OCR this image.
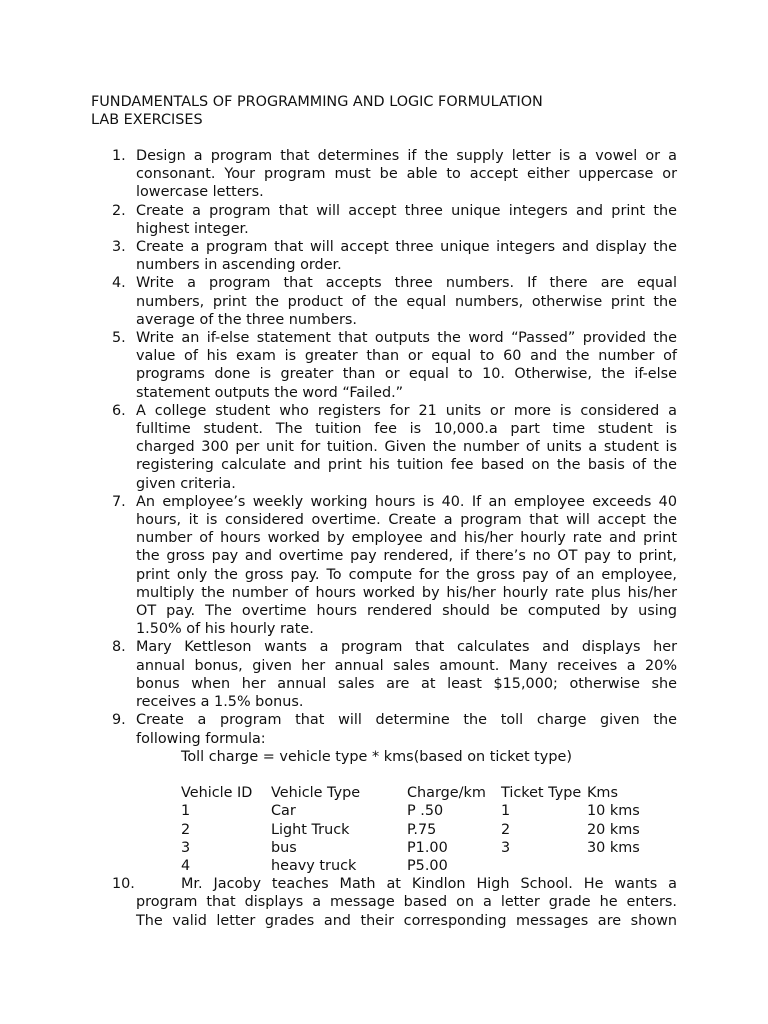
FUNDAMENTALS OF PROGRAMMING AND LOGIC FORMULATION
LAB EXERCISES
1. Design a program that determines if the supply letter is a vowel or a
consonant. Your program must be able to accept either uppercase or
lowercase letters.
2. Create a program that will accept three unique integers and print the
highest integer.
3. Create a program that will accept three unique integers and display the
numbers in ascending order.
4. Write a program that accepts three numbers. If there are equal
numbers, print the product of the equal numbers, otherwise print the
average of the three numbers.
5. Write an if-else statement that outputs the word “Passed” provided the
value of his exam is greater than or equal to 60 and the number of
programs done is greater than or equal to 10. Otherwise, the if-else
statement outputs the word “Failed.”
6. A college student who registers for 21 units or more is considered a
fulltime student. The tuition fee is 10,000.a part time student is
charged 300 per unit for tuition. Given the number of units a student is
registering calculate and print his tuition fee based on the basis of the
given criteria.
7. An employee’s weekly working hours is 40. If an employee exceeds 40
hours, it is considered overtime. Create a program that will accept the
number of hours worked by employee and his/her hourly rate and print
the gross pay and overtime pay rendered, if there’s no OT pay to print,
print only the gross pay. To compute for the gross pay of an employee,
multiply the number of hours worked by his/her hourly rate plus his/her
OT pay. The overtime hours rendered should be computed by using
1.50% of his hourly rate.
8. Mary Kettleson wants a program that calculates and displays her
annual bonus, given her annual sales amount. Many receives a 20%
bonus when her annual sales are at least $15,000; otherwise she
receives a 1.5% bonus.
9. Create a program that will determine the toll charge given the
following formula:
Toll charge = vehicle type * kms(based on ticket type)
Vehicle ID	Vehicle Type	Charge/km	Ticket Type	Kms
1	Car	P .50	1	10 kms
2	Light Truck	P.75	2	20 kms
3	bus	P1.00	3	30 kms
4	heavy truck	P5.00		
10.	Mr. Jacoby teaches Math at Kindlon High School. He wants a
program that displays a message based on a letter grade he enters.
The valid letter grades and their corresponding messages are shown
